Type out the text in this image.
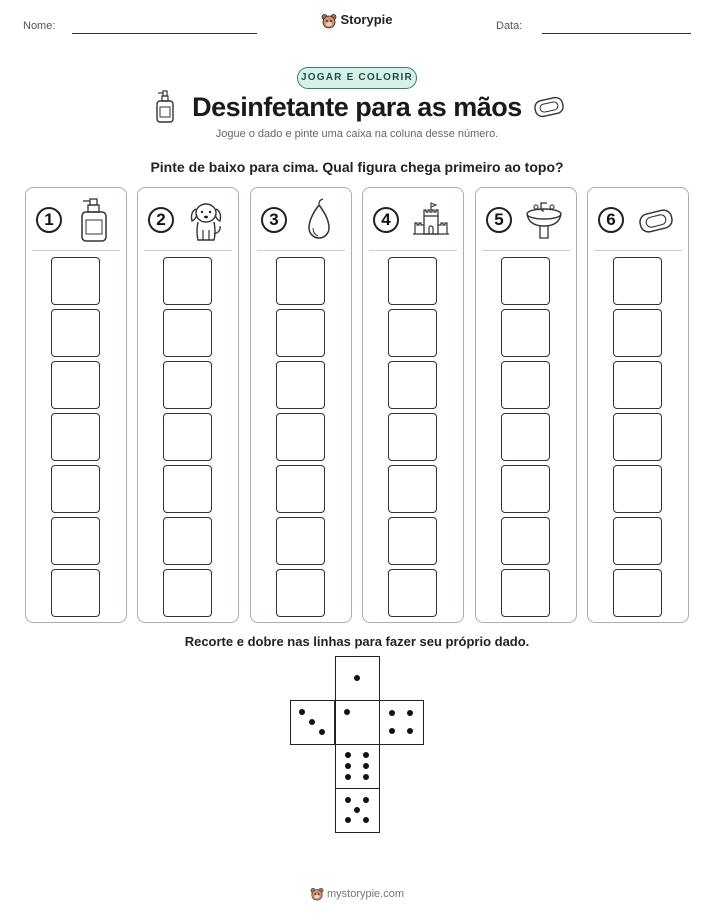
Nome:	Data:
Storypie
JOGAR E COLORIR
Desinfetante para as mãos
Jogue o dado e pinte uma caixa na coluna desse número.
Pinte de baixo para cima. Qual figura chega primeiro ao topo?
1	2	3	4	5	6
Recorte e dobre nas linhas para fazer seu próprio dado.
mystorypie.com
